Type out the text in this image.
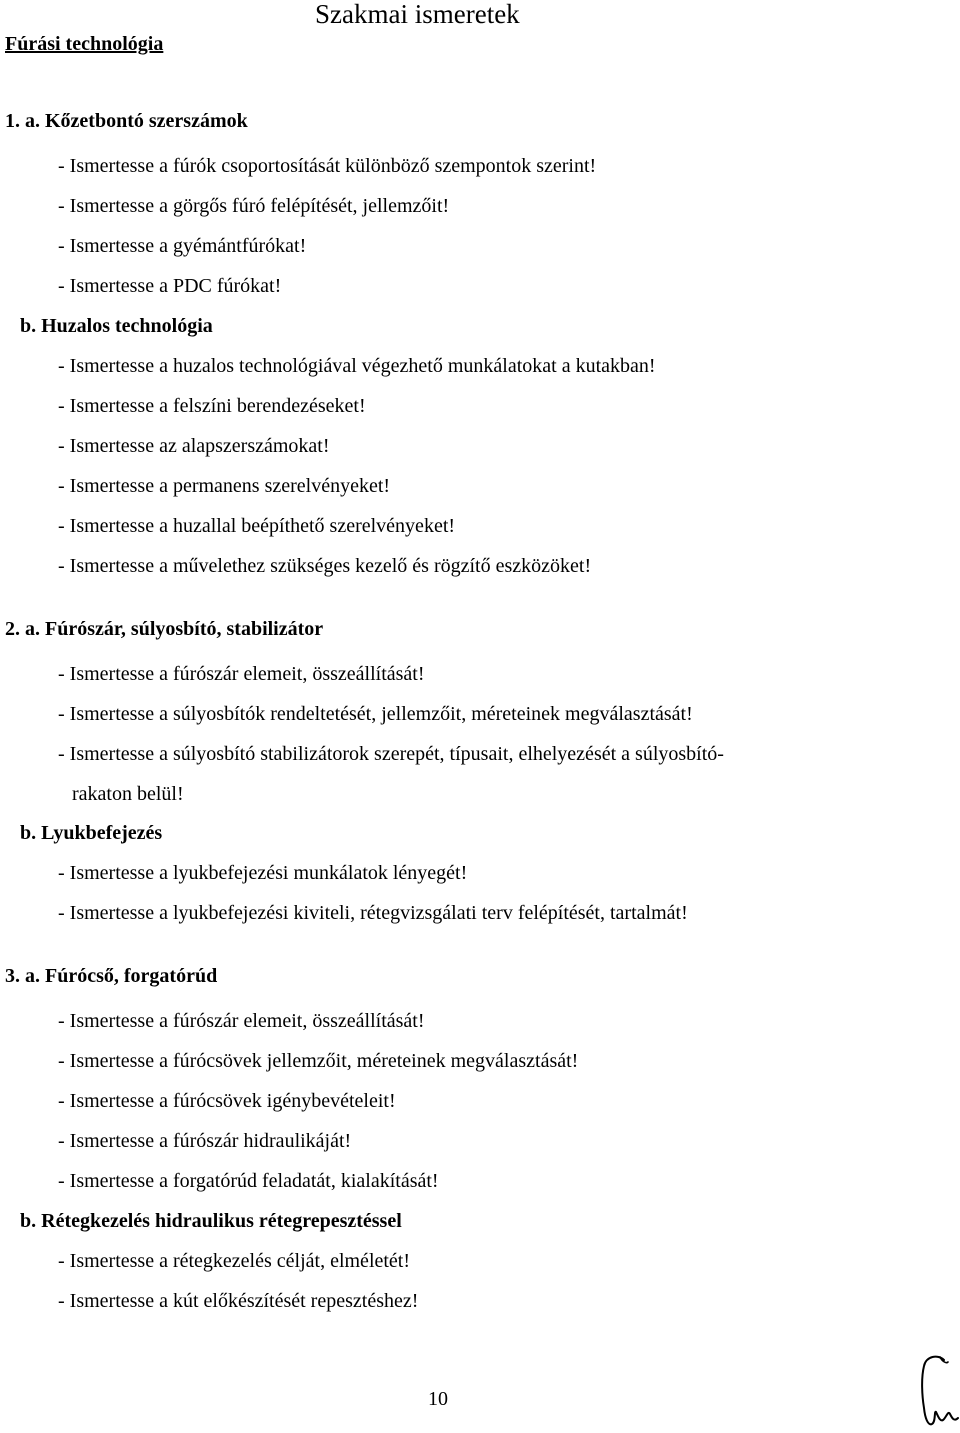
Szakmai ismeretek
Fúrási technológia
1. a. Kőzetbontó szerszámok
- Ismertesse a fúrók csoportosítását különböző szempontok szerint!
- Ismertesse a görgős fúró felépítését, jellemzőit!
- Ismertesse a gyémántfúrókat!
- Ismertesse a PDC fúrókat!
b. Huzalos technológia
- Ismertesse a huzalos technológiával végezhető munkálatokat a kutakban!
- Ismertesse a felszíni berendezéseket!
- Ismertesse az alapszerszámokat!
- Ismertesse a permanens szerelvényeket!
- Ismertesse a huzallal beépíthető szerelvényeket!
- Ismertesse a művelethez szükséges kezelő és rögzítő eszközöket!
2. a. Fúrószár, súlyosbító, stabilizátor
- Ismertesse a fúrószár elemeit, összeállítását!
- Ismertesse a súlyosbítók rendeltetését, jellemzőit, méreteinek megválasztását!
- Ismertesse a súlyosbító stabilizátorok szerepét, típusait, elhelyezését a súlyosbító-
rakaton belül!
b. Lyukbefejezés
- Ismertesse a lyukbefejezési munkálatok lényegét!
- Ismertesse a lyukbefejezési kiviteli, rétegvizsgálati terv felépítését, tartalmát!
3. a. Fúrócső, forgatórúd
- Ismertesse a fúrószár elemeit, összeállítását!
- Ismertesse a fúrócsövek jellemzőit, méreteinek megválasztását!
- Ismertesse a fúrócsövek igénybevételeit!
- Ismertesse a fúrószár hidraulikáját!
- Ismertesse a forgatórúd feladatát, kialakítását!
b. Rétegkezelés hidraulikus rétegrepesztéssel
- Ismertesse a rétegkezelés célját, elméletét!
- Ismertesse a kút előkészítését repesztéshez!
10
